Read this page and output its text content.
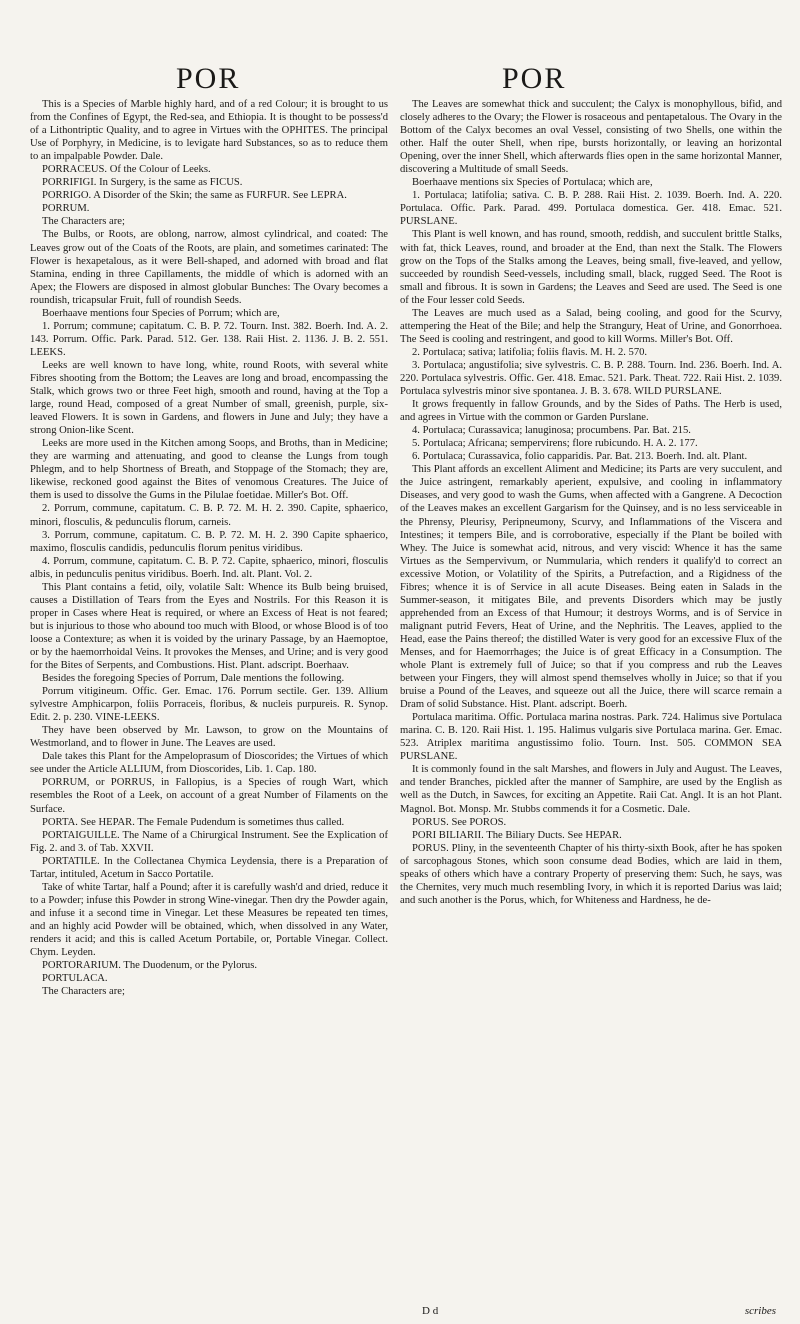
POR	POR

This is a Species of Marble highly hard, and of a red Colour; it is brought to us from the Confines of Egypt, the Red-sea, and Ethiopia. It is thought to be possess'd of a Lithontriptic Quality, and to agree in Virtues with the OPHITES. The principal Use of Porphyry, in Medicine, is to levigate hard Substances, so as to reduce them to an impalpable Powder. Dale.

PORRACEUS. Of the Colour of Leeks.

PORRIFIGI. In Surgery, is the same as FICUS.

PORRIGO. A Disorder of the Skin; the same as FURFUR. See LEPRA.

PORRUM.

The Characters are;

The Bulbs, or Roots, are oblong, narrow, almost cylindrical, and coated: The Leaves grow out of the Coats of the Roots, are plain, and sometimes carinated: The Flower is hexapetalous, as it were Bell-shaped, and adorned with broad and flat Stamina, ending in three Capillaments, the middle of which is adorned with an Apex; the Flowers are disposed in almost globular Bunches: The Ovary becomes a roundish, tricapsular Fruit, full of roundish Seeds.

Boerhaave mentions four Species of Porrum; which are,

1. Porrum; commune; capitatum. C. B. P. 72. Tourn. Inst. 382. Boerh. Ind. A. 2. 143. Porrum. Offic. Park. Parad. 512. Ger. 138. Raii Hist. 2. 1136. J. B. 2. 551. LEEKS.

Leeks are well known to have long, white, round Roots, with several white Fibres shooting from the Bottom; the Leaves are long and broad, encompassing the Stalk, which grows two or three Feet high, smooth and round, having at the Top a large, round Head, composed of a great Number of small, greenish, purple, six-leaved Flowers. It is sown in Gardens, and flowers in June and July; they have a strong Onion-like Scent.

Leeks are more used in the Kitchen among Soops, and Broths, than in Medicine; they are warming and attenuating, and good to cleanse the Lungs from tough Phlegm, and to help Shortness of Breath, and Stoppage of the Stomach; they are, likewise, reckoned good against the Bites of venomous Creatures. The Juice of them is used to dissolve the Gums in the Pilulae foetidae. Miller's Bot. Off.

2. Porrum, commune, capitatum. C. B. P. 72. M. H. 2. 390. Capite, sphaerico, minori, flosculis, & pedunculis florum, carneis.

3. Porrum, commune, capitatum. C. B. P. 72. M. H. 2. 390 Capite sphaerico, maximo, flosculis candidis, pedunculis florum penitus viridibus.

4. Porrum, commune, capitatum. C. B. P. 72. Capite, sphaerico, minori, flosculis albis, in pedunculis penitus viridibus. Boerh. Ind. alt. Plant. Vol. 2.

This Plant contains a fetid, oily, volatile Salt: Whence its Bulb being bruised, causes a Distillation of Tears from the Eyes and Nostrils. For this Reason it is proper in Cases where Heat is required, or where an Excess of Heat is not feared; but is injurious to those who abound too much with Blood, or whose Blood is of too loose a Contexture; as when it is voided by the urinary Passage, by an Haemoptoe, or by the haemorrhoidal Veins. It provokes the Menses, and Urine; and is very good for the Bites of Serpents, and Combustions. Hist. Plant. adscript. Boerhaav.

Besides the foregoing Species of Porrum, Dale mentions the following.

Porrum vitigineum. Offic. Ger. Emac. 176. Porrum sectile. Ger. 139. Allium sylvestre Amphicarpon, foliis Porraceis, floribus, & nucleis purpureis. R. Synop. Edit. 2. p. 230. VINE-LEEKS.

They have been observed by Mr. Lawson, to grow on the Mountains of Westmorland, and to flower in June. The Leaves are used.

Dale takes this Plant for the Ampeloprasum of Dioscorides; the Virtues of which see under the Article ALLIUM, from Dioscorides, Lib. 1. Cap. 180.

PORRUM, or PORRUS, in Fallopius, is a Species of rough Wart, which resembles the Root of a Leek, on account of a great Number of Filaments on the Surface.

PORTA. See HEPAR. The Female Pudendum is sometimes thus called.

PORTAIGUILLE. The Name of a Chirurgical Instrument. See the Explication of Fig. 2. and 3. of Tab. XXVII.

PORTATILE. In the Collectanea Chymica Leydensia, there is a Preparation of Tartar, intituled, Acetum in Sacco Portatile.

Take of white Tartar, half a Pound; after it is carefully wash'd and dried, reduce it to a Powder; infuse this Powder in strong Wine-vinegar. Then dry the Powder again, and infuse it a second time in Vinegar. Let these Measures be repeated ten times, and an highly acid Powder will be obtained, which, when dissolved in any Water, renders it acid; and this is called Acetum Portabile, or, Portable Vinegar. Collect. Chym. Leyden.

PORTORARIUM. The Duodenum, or the Pylorus.

PORTULACA.

The Characters are;

The Leaves are somewhat thick and succulent; the Calyx is monophyllous, bifid, and closely adheres to the Ovary; the Flower is rosaceous and pentapetalous. The Ovary in the Bottom of the Calyx becomes an oval Vessel, consisting of two Shells, one within the other. Half the outer Shell, when ripe, bursts horizontally, or leaving an horizontal Opening, over the inner Shell, which afterwards flies open in the same horizontal Manner, discovering a Multitude of small Seeds.

Boerhaave mentions six Species of Portulaca; which are,

1. Portulaca; latifolia; sativa. C. B. P. 288. Raii Hist. 2. 1039. Boerh. Ind. A. 220. Portulaca. Offic. Park. Parad. 499. Portulaca domestica. Ger. 418. Emac. 521. PURSLANE.

This Plant is well known, and has round, smooth, reddish, and succulent brittle Stalks, with fat, thick Leaves, round, and broader at the End, than next the Stalk. The Flowers grow on the Tops of the Stalks among the Leaves, being small, five-leaved, and yellow, succeeded by roundish Seed-vessels, including small, black, rugged Seed. The Root is small and fibrous. It is sown in Gardens; the Leaves and Seed are used. The Seed is one of the Four lesser cold Seeds.

The Leaves are much used as a Salad, being cooling, and good for the Scurvy, attempering the Heat of the Bile; and help the Strangury, Heat of Urine, and Gonorrhoea. The Seed is cooling and restringent, and good to kill Worms. Miller's Bot. Off.

2. Portulaca; sativa; latifolia; foliis flavis. M. H. 2. 570.

3. Portulaca; angustifolia; sive sylvestris. C. B. P. 288. Tourn. Ind. 236. Boerh. Ind. A. 220. Portulaca sylvestris. Offic. Ger. 418. Emac. 521. Park. Theat. 722. Raii Hist. 2. 1039. Portulaca sylvestris minor sive spontanea. J. B. 3. 678. WILD PURSLANE.

It grows frequently in fallow Grounds, and by the Sides of Paths. The Herb is used, and agrees in Virtue with the common or Garden Purslane.

4. Portulaca; Curassavica; lanuginosa; procumbens. Par. Bat. 215.

5. Portulaca; Africana; sempervirens; flore rubicundo. H. A. 2. 177.

6. Portulaca; Curassavica, folio capparidis. Par. Bat. 213. Boerh. Ind. alt. Plant.

This Plant affords an excellent Aliment and Medicine; its Parts are very succulent, and the Juice astringent, remarkably aperient, expulsive, and cooling in inflammatory Diseases, and very good to wash the Gums, when affected with a Gangrene. A Decoction of the Leaves makes an excellent Gargarism for the Quinsey, and is no less serviceable in the Phrensy, Pleurisy, Peripneumony, Scurvy, and Inflammations of the Viscera and Intestines; it tempers Bile, and is corroborative, especially if the Plant be boiled with Whey. The Juice is somewhat acid, nitrous, and very viscid: Whence it has the same Virtues as the Sempervivum, or Nummularia, which renders it qualify'd to correct an excessive Motion, or Volatility of the Spirits, a Putrefaction, and a Rigidness of the Fibres; whence it is of Service in all acute Diseases. Being eaten in Salads in the Summer-season, it mitigates Bile, and prevents Disorders which may be justly apprehended from an Excess of that Humour; it destroys Worms, and is of Service in malignant putrid Fevers, Heat of Urine, and the Nephritis. The Leaves, applied to the Head, ease the Pains thereof; the distilled Water is very good for an excessive Flux of the Menses, and for Haemorrhages; the Juice is of great Efficacy in a Consumption. The whole Plant is extremely full of Juice; so that if you compress and rub the Leaves between your Fingers, they will almost spend themselves wholly in Juice; so that if you bruise a Pound of the Leaves, and squeeze out all the Juice, there will scarce remain a Dram of solid Substance. Hist. Plant. adscript. Boerh.

Portulaca maritima. Offic. Portulaca marina nostras. Park. 724. Halimus sive Portulaca marina. C. B. 120. Raii Hist. 1. 195. Halimus vulgaris sive Portulaca marina. Ger. Emac. 523. Atriplex maritima angustissimo folio. Tourn. Inst. 505. COMMON SEA PURSLANE.

It is commonly found in the salt Marshes, and flowers in July and August. The Leaves, and tender Branches, pickled after the manner of Samphire, are used by the English as well as the Dutch, in Sawces, for exciting an Appetite. Raii Cat. Angl. It is an hot Plant. Magnol. Bot. Monsp. Mr. Stubbs commends it for a Cosmetic. Dale.

PORUS. See POROS.

PORI BILIARII. The Biliary Ducts. See HEPAR.

PORUS. Pliny, in the seventeenth Chapter of his thirty-sixth Book, after he has spoken of sarcophagous Stones, which soon consume dead Bodies, which are laid in them, speaks of others which have a contrary Property of preserving them: Such, he says, was the Chernites, very much much resembling Ivory, in which it is reported Darius was laid; and such another is the Porus, which, for Whiteness and Hardness, he de-

D d	scribes
